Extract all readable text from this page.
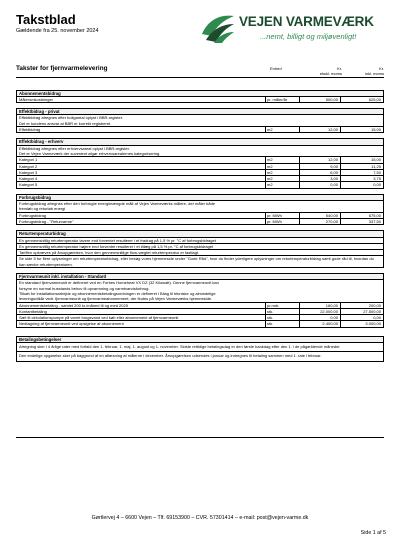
Takstblad
Gældende fra 25. november 2024
VEJEN VARMEVÆRK
...nemt, billigt og miljøvenligt!
Takster for fjernvarmelevering	Enhed	Kr.	Kr.
ekskl. moms	inkl. moms
Abonnementsbidrag
Måleromkostninger	pr. måler/år	500,00	625,00
Effektbidrag - privat
Effektbidrag afregnes efter boligareal oplyst i BBR-register.
Det er kundens ansvar at BBR er korrekt registreret.
Effektbidrag	m2	12,00	15,00
Effektbidrag - erhverv
Effektbidrag afregnes efter erhvervsareal oplyst i BBR-register.
Det er Vejen Varmeværk der suverænt afgør erhvervsarealernes kategorisering.
Kategori 1	m2	12,00	15,00
Kategori 2	m2	9,00	11,25
Kategori 3	m2	6,00	7,50
Kategori 4	m2	3,00	3,75
Kategori 5	m2	0,00	0,00
Forbrugsbidrag
Forbrugsbidrag afregnes efter den forbrugte energimængde målt af Vejen Varmeværks målere, der måler både
fremløb og returløb energi
Forbrugsbidrag	pr. MWh	540,00	675,00
Forbrugsbidrag - "Returvarme"	pr. MWh	270,00	337,50
Returtemperaturbidrag
En gennemsnitlig returtemperatur lavere end forventet resulterer i et fradrag på 1,5 % pr. °C af forbrugsbidraget
En gennemsnitlig returtemperatur højere end forventet resulterer i et tillæg på 1,5 % pr. °C af forbrugsbidraget
Tariffen opkræves på årsopgørelsen, hvor den gennemsnitlige flow-vægtet returtemperatur er fastlagt.
Se side 5 for flere oplysninger om returtemperaturbidrag, eller besøg vores hjemmeside under "Gode Råd", hvor du finder yderligere oplysninger om returtemperaturbidrag samt gode råd til, hvordan du kan sænke returtemperaturen.
Fjernvarmeunit inkl. installation - Standard
En standard fjernvarmeunit er defineret ved en Forbes Homeheat VX DZ (32 Kilowatt). Denne fjernvarmeunit kan
forsyne en normal husstands behov til opvarmning og varmtvandsforbrug.
Tilkøb for installationsarbejde og abonnementsbetalingsordningen er defineret i Bilag til tekniske og almindelige
leveringsvilkår vedr. fjernvarmeunit og fjernvarmeabonnement, der findes på Vejen Varmeværks hjemmeside.
Abonnementsbetaling - samlet 200 kr./måned til og med 2025	pr.mdr.	160,00	200,00
Kontantbetaling	stk.	22.000,00	27.500,00
Sæt til cirkulationspumpe på varmt brugsvand ved køb eller abonnement af fjernvarmeunit	stk.	0,00	0,00
Nedtagning af fjernvarmeunit ved opsigelse af abonnement	stk.	2.400,00	3.000,00
Betalingsbetingelser
Afregning sker i 4 årlige rater med forfald den 1. februar, 1. maj, 1. august og 1. november. Sidste rettidige betalingsdag er den første bankdag efter den 1. i de pågældende måneder.
Den endelige opgørelse sker på baggrund af en aflæsning af målerne i december. Årsopgørelsen udsendes i januar og indregnes til betaling sammen med 1. rate i februar.
Gørtlervej 4 – 6600 Vejen – Tlf. 69153900 – CVR. 57301414 – e-mail: post@vejen-varme.dk
Side 1 af 5
